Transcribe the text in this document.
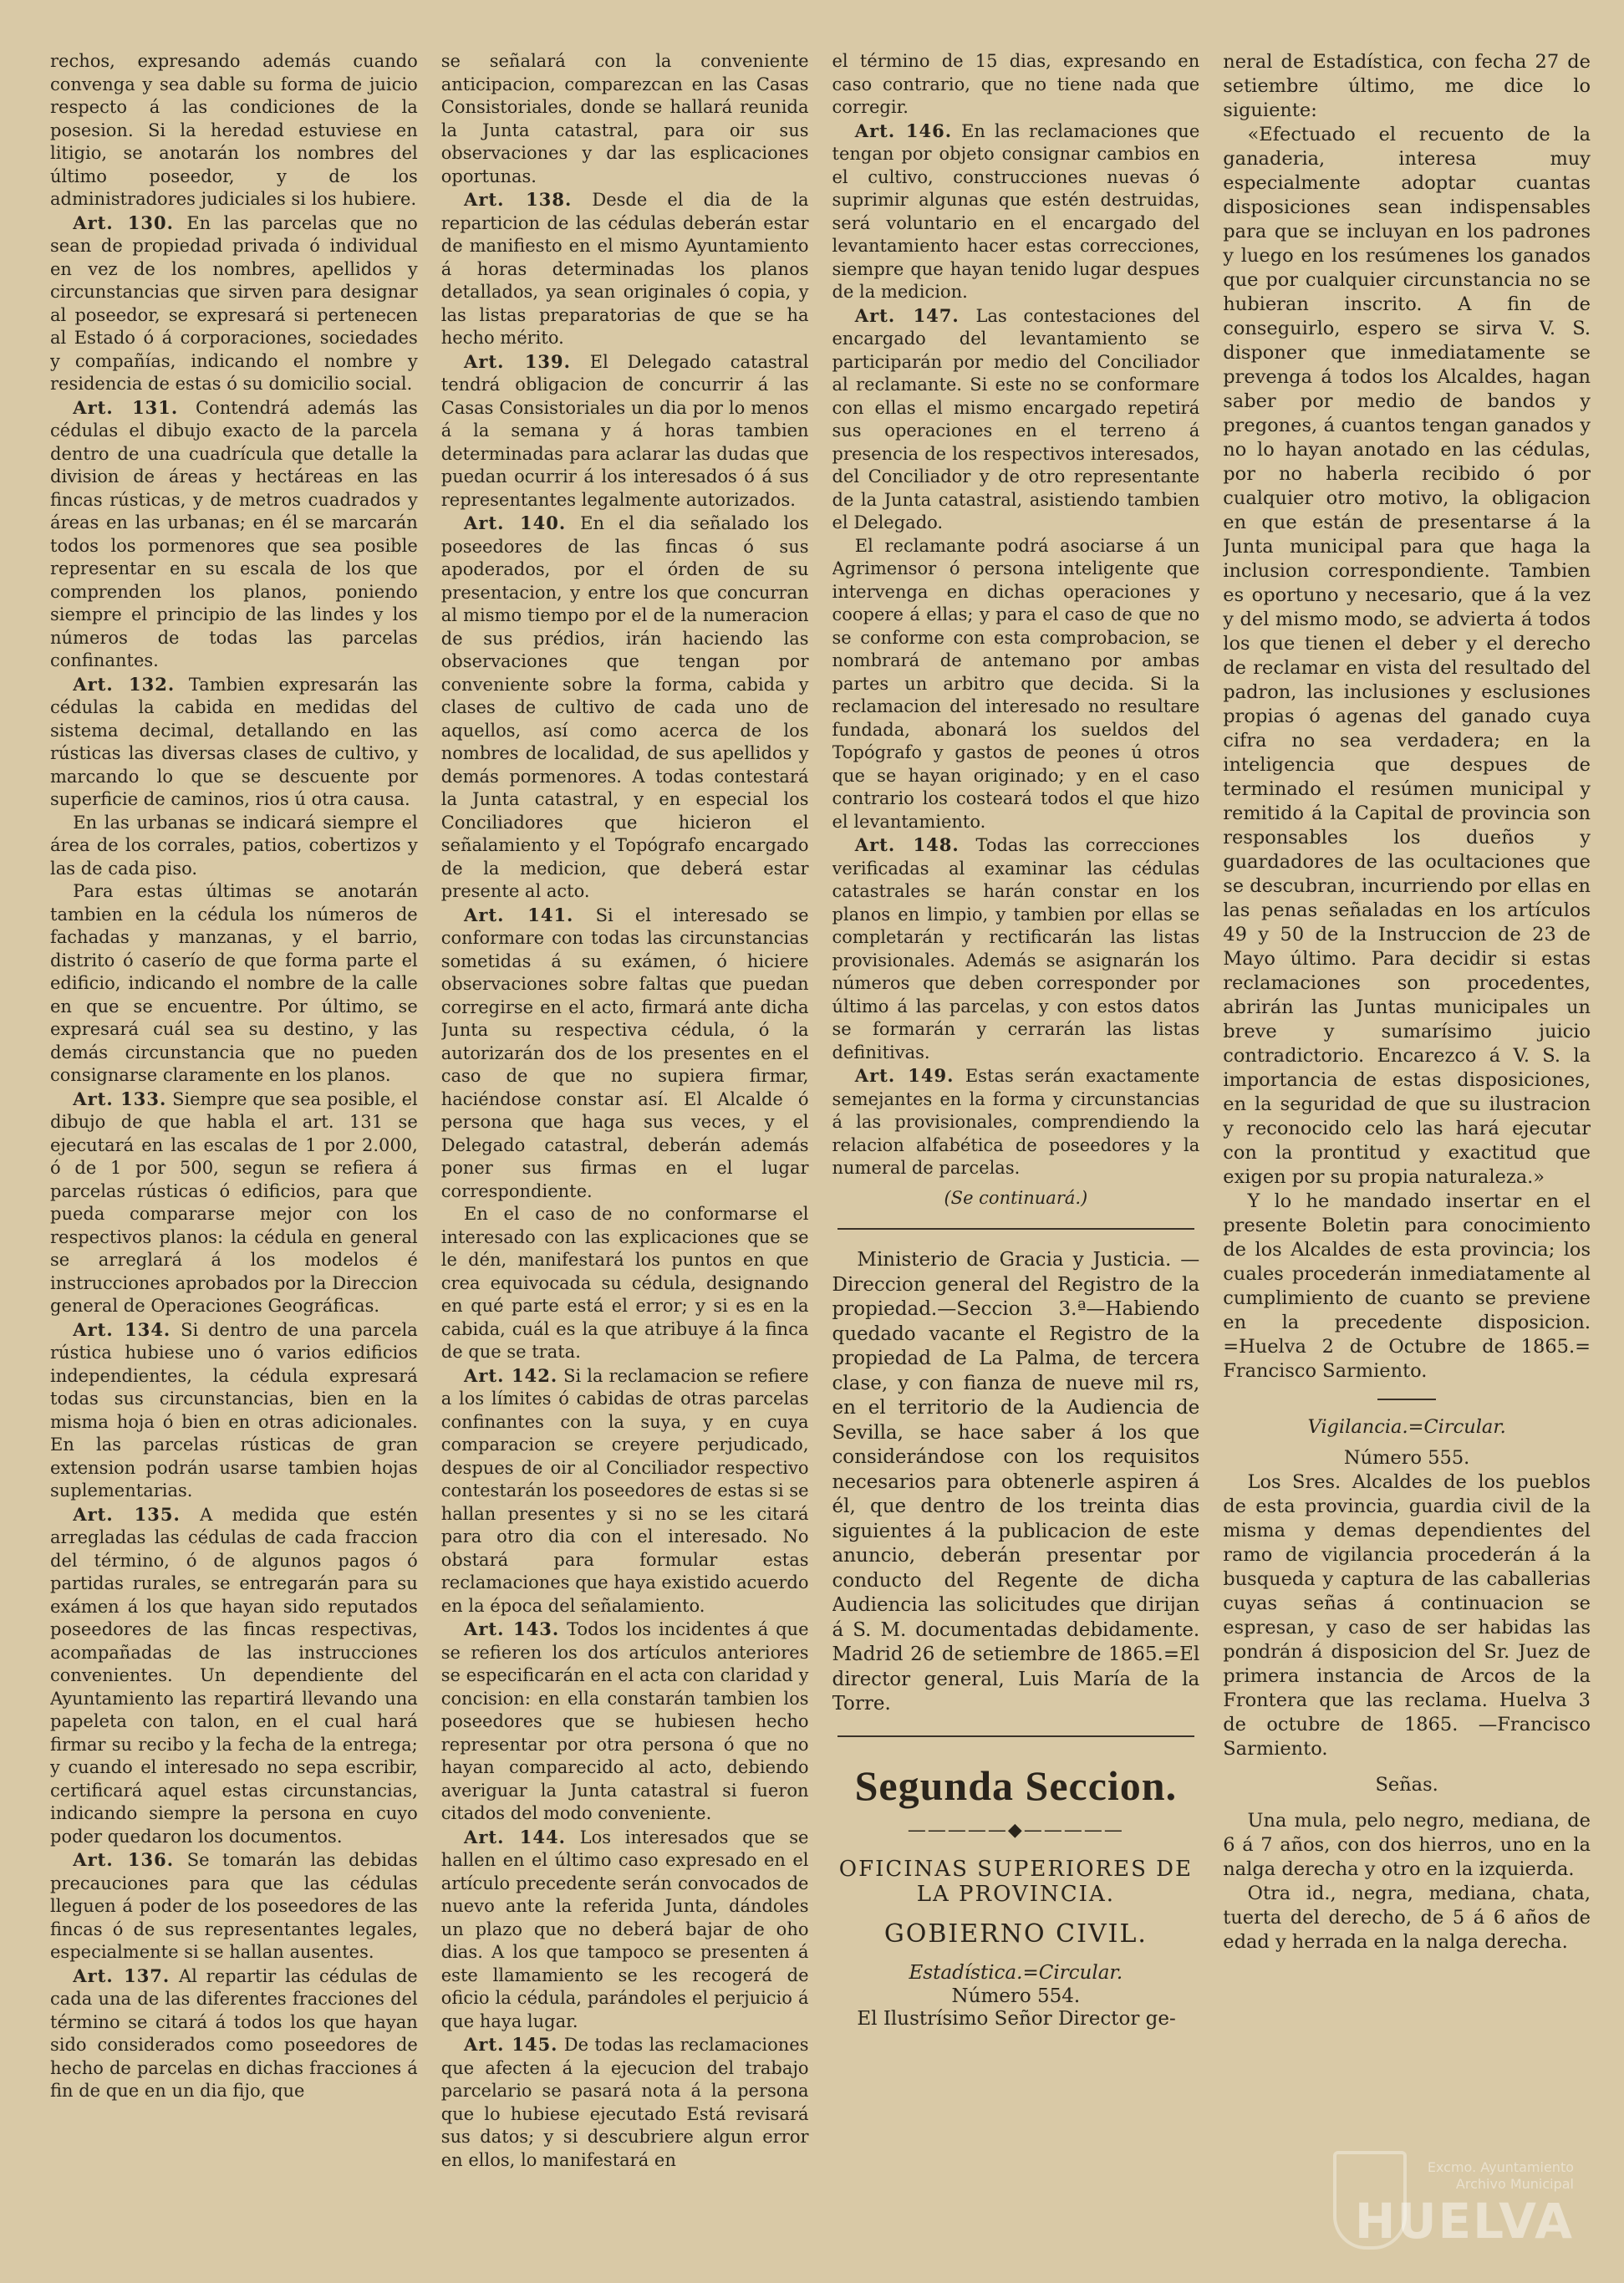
rechos, expresando además cuando convenga y sea dable su forma de juicio respecto á las condiciones de la posesion. Si la heredad estuviese en litigio, se anotarán los nombres del último poseedor, y de los administradores judiciales si los hubiere.

Art. 130. En las parcelas que no sean de propiedad privada ó individual en vez de los nombres, apellidos y circunstancias que sirven para designar al poseedor, se expresará si pertenecen al Estado ó á corporaciones, sociedades y compañías, indicando el nombre y residencia de estas ó su domicilio social.

Art. 131. Contendrá además las cédulas el dibujo exacto de la parcela dentro de una cuadrícula que detalle la division de áreas y hectáreas en las fincas rústicas, y de metros cuadrados y áreas en las urbanas; en él se marcarán todos los pormenores que sea posible representar en su escala de los que comprenden los planos, poniendo siempre el principio de las lindes y los números de todas las parcelas confinantes.

Art. 132. Tambien expresarán las cédulas la cabida en medidas del sistema decimal, detallando en las rústicas las diversas clases de cultivo, y marcando lo que se descuente por superficie de caminos, rios ú otra causa.

En las urbanas se indicará siempre el área de los corrales, patios, cobertizos y las de cada piso.

Para estas últimas se anotarán tambien en la cédula los números de fachadas y manzanas, y el barrio, distrito ó caserío de que forma parte el edificio, indicando el nombre de la calle en que se encuentre. Por último, se expresará cuál sea su destino, y las demás circunstancia que no pueden consignarse claramente en los planos.

Art. 133. Siempre que sea posible, el dibujo de que habla el art. 131 se ejecutará en las escalas de 1 por 2.000, ó de 1 por 500, segun se refiera á parcelas rústicas ó edificios, para que pueda compararse mejor con los respectivos planos: la cédula en general se arreglará á los modelos é instrucciones aprobados por la Direccion general de Operaciones Geográficas.

Art. 134. Si dentro de una parcela rústica hubiese uno ó varios edificios independientes, la cédula expresará todas sus circunstancias, bien en la misma hoja ó bien en otras adicionales. En las parcelas rústicas de gran extension podrán usarse tambien hojas suplementarias.

Art. 135. A medida que estén arregladas las cédulas de cada fraccion del término, ó de algunos pagos ó partidas rurales, se entregarán para su exámen á los que hayan sido reputados poseedores de las fincas respectivas, acompañadas de las instrucciones convenientes. Un dependiente del Ayuntamiento las repartirá llevando una papeleta con talon, en el cual hará firmar su recibo y la fecha de la entrega; y cuando el interesado no sepa escribir, certificará aquel estas circunstancias, indicando siempre la persona en cuyo poder quedaron los documentos.

Art. 136. Se tomarán las debidas precauciones para que las cédulas lleguen á poder de los poseedores de las fincas ó de sus representantes legales, especialmente si se hallan ausentes.

Art. 137. Al repartir las cédulas de cada una de las diferentes fracciones del término se citará á todos los que hayan sido considerados como poseedores de hecho de parcelas en dichas fracciones á fin de que en un dia fijo, que

se señalará con la conveniente anticipacion, comparezcan en las Casas Consistoriales, donde se hallará reunida la Junta catastral, para oir sus observaciones y dar las esplicaciones oportunas.

Art. 138. Desde el dia de la reparticion de las cédulas deberán estar de manifiesto en el mismo Ayuntamiento á horas determinadas los planos detallados, ya sean originales ó copia, y las listas preparatorias de que se ha hecho mérito.

Art. 139. El Delegado catastral tendrá obligacion de concurrir á las Casas Consistoriales un dia por lo menos á la semana y á horas tambien determinadas para aclarar las dudas que puedan ocurrir á los interesados ó á sus representantes legalmente autorizados.

Art. 140. En el dia señalado los poseedores de las fincas ó sus apoderados, por el órden de su presentacion, y entre los que concurran al mismo tiempo por el de la numeracion de sus prédios, irán haciendo las observaciones que tengan por conveniente sobre la forma, cabida y clases de cultivo de cada uno de aquellos, así como acerca de los nombres de localidad, de sus apellidos y demás pormenores. A todas contestará la Junta catastral, y en especial los Conciliadores que hicieron el señalamiento y el Topógrafo encargado de la medicion, que deberá estar presente al acto.

Art. 141. Si el interesado se conformare con todas las circunstancias sometidas á su exámen, ó hiciere observaciones sobre faltas que puedan corregirse en el acto, firmará ante dicha Junta su respectiva cédula, ó la autorizarán dos de los presentes en el caso de que no supiera firmar, haciéndose constar así. El Alcalde ó persona que haga sus veces, y el Delegado catastral, deberán además poner sus firmas en el lugar correspondiente.

En el caso de no conformarse el interesado con las explicaciones que se le dén, manifestará los puntos en que crea equivocada su cédula, designando en qué parte está el error; y si es en la cabida, cuál es la que atribuye á la finca de que se trata.

Art. 142. Si la reclamacion se refiere a los límites ó cabidas de otras parcelas confinantes con la suya, y en cuya comparacion se creyere perjudicado, despues de oir al Conciliador respectivo contestarán los poseedores de estas si se hallan presentes y si no se les citará para otro dia con el interesado. No obstará para formular estas reclamaciones que haya existido acuerdo en la época del señalamiento.

Art. 143. Todos los incidentes á que se refieren los dos artículos anteriores se especificarán en el acta con claridad y concision: en ella constarán tambien los poseedores que se hubiesen hecho representar por otra persona ó que no hayan comparecido al acto, debiendo averiguar la Junta catastral si fueron citados del modo conveniente.

Art. 144. Los interesados que se hallen en el último caso expresado en el artículo precedente serán convocados de nuevo ante la referida Junta, dándoles un plazo que no deberá bajar de oho dias. A los que tampoco se presenten á este llamamiento se les recogerá de oficio la cédula, parándoles el perjuicio á que haya lugar.

Art. 145. De todas las reclamaciones que afecten á la ejecucion del trabajo parcelario se pasará nota á la persona que lo hubiese ejecutado Está revisará sus datos; y si descubriere algun error en ellos, lo manifestará en

el término de 15 dias, expresando en caso contrario, que no tiene nada que corregir.

Art. 146. En las reclamaciones que tengan por objeto consignar cambios en el cultivo, construcciones nuevas ó suprimir algunas que estén destruidas, será voluntario en el encargado del levantamiento hacer estas correcciones, siempre que hayan tenido lugar despues de la medicion.

Art. 147. Las contestaciones del encargado del levantamiento se participarán por medio del Conciliador al reclamante. Si este no se conformare con ellas el mismo encargado repetirá sus operaciones en el terreno á presencia de los respectivos interesados, del Conciliador y de otro representante de la Junta catastral, asistiendo tambien el Delegado.

El reclamante podrá asociarse á un Agrimensor ó persona inteligente que intervenga en dichas operaciones y coopere á ellas; y para el caso de que no se conforme con esta comprobacion, se nombrará de antemano por ambas partes un arbitro que decida. Si la reclamacion del interesado no resultare fundada, abonará los sueldos del Topógrafo y gastos de peones ú otros que se hayan originado; y en el caso contrario los costeará todos el que hizo el levantamiento.

Art. 148. Todas las correcciones verificadas al examinar las cédulas catastrales se harán constar en los planos en limpio, y tambien por ellas se completarán y rectificarán las listas provisionales. Además se asignarán los números que deben corresponder por último á las parcelas, y con estos datos se formarán y cerrarán las listas definitivas.

Art. 149. Estas serán exactamente semejantes en la forma y circunstancias á las provisionales, comprendiendo la relacion alfabética de poseedores y la numeral de parcelas.

(Se continuará.)

Ministerio de Gracia y Justicia. —Direccion general del Registro de la propiedad.—Seccion 3.ª—Habiendo quedado vacante el Registro de la propiedad de La Palma, de tercera clase, y con fianza de nueve mil rs, en el territorio de la Audiencia de Sevilla, se hace saber á los que considerándose con los requisitos necesarios para obtenerle aspiren á él, que dentro de los treinta dias siguientes á la publicacion de este anuncio, deberán presentar por conducto del Regente de dicha Audiencia las solicitudes que dirijan á S. M. documentadas debidamente. Madrid 26 de setiembre de 1865.=El director general, Luis María de la Torre.

Segunda Seccion.
—————◆—————
OFICINAS SUPERIORES DE LA PROVINCIA.
GOBIERNO CIVIL.

Estadística.=Circular.

Número 554.

El Ilustrísimo Señor Director ge-

neral de Estadística, con fecha 27 de setiembre último, me dice lo siguiente:

«Efectuado el recuento de la ganaderia, interesa muy especialmente adoptar cuantas disposiciones sean indispensables para que se incluyan en los padrones y luego en los resúmenes los ganados que por cualquier circunstancia no se hubieran inscrito. A fin de conseguirlo, espero se sirva V. S. disponer que inmediatamente se prevenga á todos los Alcaldes, hagan saber por medio de bandos y pregones, á cuantos tengan ganados y no lo hayan anotado en las cédulas, por no haberla recibido ó por cualquier otro motivo, la obligacion en que están de presentarse á la Junta municipal para que haga la inclusion correspondiente. Tambien es oportuno y necesario, que á la vez y del mismo modo, se advierta á todos los que tienen el deber y el derecho de reclamar en vista del resultado del padron, las inclusiones y esclusiones propias ó agenas del ganado cuya cifra no sea verdadera; en la inteligencia que despues de terminado el resúmen municipal y remitido á la Capital de provincia son responsables los dueños y guardadores de las ocultaciones que se descubran, incurriendo por ellas en las penas señaladas en los artículos 49 y 50 de la Instruccion de 23 de Mayo último. Para decidir si estas reclamaciones son procedentes, abrirán las Juntas municipales un breve y sumarísimo juicio contradictorio. Encarezco á V. S. la importancia de estas disposiciones, en la seguridad de que su ilustracion y reconocido celo las hará ejecutar con la prontitud y exactitud que exigen por su propia naturaleza.»

Y lo he mandado insertar en el presente Boletin para conocimiento de los Alcaldes de esta provincia; los cuales procederán inmediatamente al cumplimiento de cuanto se previene en la precedente disposicion. =Huelva 2 de Octubre de 1865.= Francisco Sarmiento.

Vigilancia.=Circular.

Número 555.

Los Sres. Alcaldes de los pueblos de esta provincia, guardia civil de la misma y demas dependientes del ramo de vigilancia procederán á la busqueda y captura de las caballerias cuyas señas á continuacion se espresan, y caso de ser habidas las pondrán á disposicion del Sr. Juez de primera instancia de Arcos de la Frontera que las reclama. Huelva 3 de octubre de 1865. —Francisco Sarmiento.

Señas.

Una mula, pelo negro, mediana, de 6 á 7 años, con dos hierros, uno en la nalga derecha y otro en la izquierda.

Otra id., negra, mediana, chata, tuerta del derecho, de 5 á 6 años de edad y herrada en la nalga derecha.

Excmo. Ayuntamiento
Archivo Municipal
HUELVA
